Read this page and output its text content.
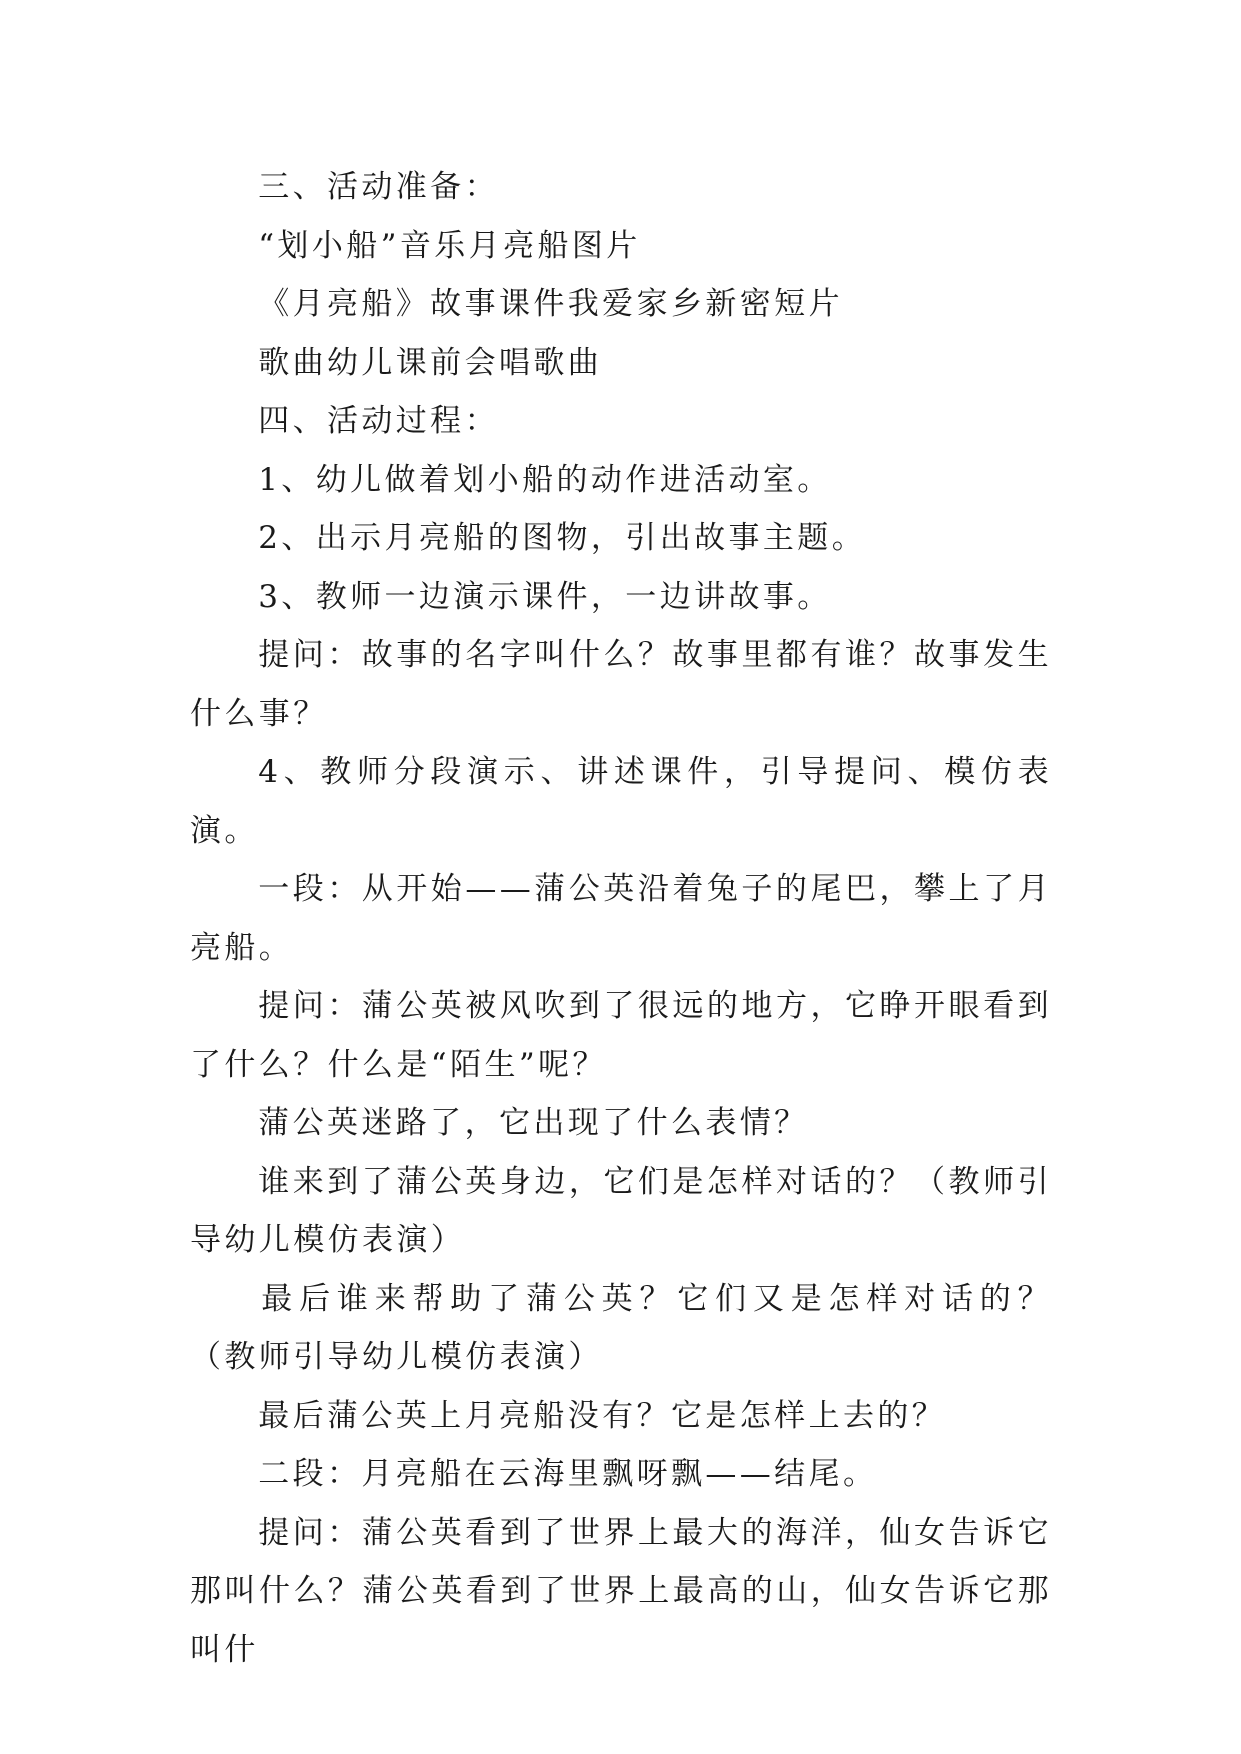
三、活动准备：

“划小船”音乐月亮船图片

《月亮船》故事课件我爱家乡新密短片

歌曲幼儿课前会唱歌曲

四、活动过程：

1、幼儿做着划小船的动作进活动室。

2、出示月亮船的图物，引出故事主题。

3、教师一边演示课件，一边讲故事。

提问：故事的名字叫什么？故事里都有谁？故事发生什么事？

4、教师分段演示、讲述课件，引导提问、模仿表演。

一段：从开始——蒲公英沿着兔子的尾巴，攀上了月亮船。

提问：蒲公英被风吹到了很远的地方，它睁开眼看到了什么？什么是“陌生”呢？

蒲公英迷路了，它出现了什么表情？

谁来到了蒲公英身边，它们是怎样对话的？（教师引导幼儿模仿表演）

最后谁来帮助了蒲公英？它们又是怎样对话的？（教师引导幼儿模仿表演）

最后蒲公英上月亮船没有？它是怎样上去的？

二段：月亮船在云海里飘呀飘——结尾。

提问：蒲公英看到了世界上最大的海洋，仙女告诉它那叫什么？蒲公英看到了世界上最高的山，仙女告诉它那叫什
